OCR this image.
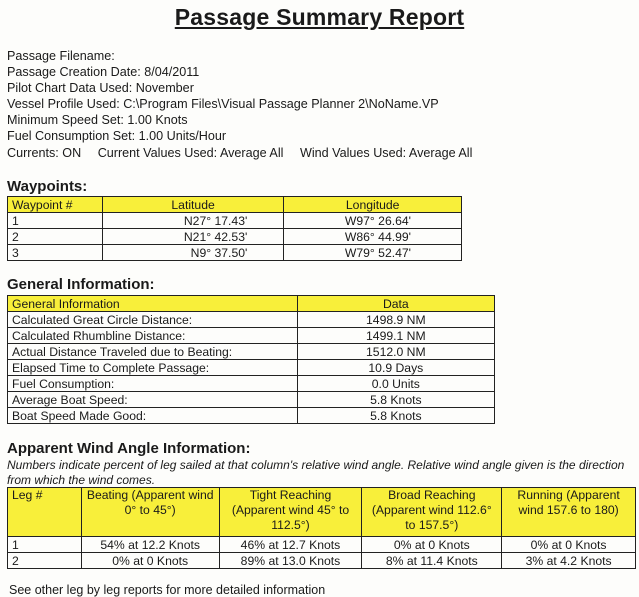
Passage Summary Report
Passage Filename:
Passage Creation Date: 8/04/2011
Pilot Chart Data Used: November
Vessel Profile Used: C:\Program Files\Visual Passage Planner 2\NoName.VP
Minimum Speed Set: 1.00 Knots
Fuel Consumption Set: 1.00 Units/Hour
Currents: ON Current Values Used: Average All Wind Values Used: Average All
Waypoints:
Waypoint #	Latitude	Longitude
1	N27° 17.43'	W97° 26.64'
2	N21° 42.53'	W86° 44.99'
3	N9° 37.50'	W79° 52.47'
General Information:
General Information	Data
Calculated Great Circle Distance:	1498.9 NM
Calculated Rhumbline Distance:	1499.1 NM
Actual Distance Traveled due to Beating:	1512.0 NM
Elapsed Time to Complete Passage:	10.9 Days
Fuel Consumption:	0.0 Units
Average Boat Speed:	5.8 Knots
Boat Speed Made Good:	5.8 Knots
Apparent Wind Angle Information:
Numbers indicate percent of leg sailed at that column's relative wind angle. Relative wind angle given is the direction from which the wind comes.
Leg #	Beating (Apparent wind 0° to 45°)	Tight Reaching (Apparent wind 45° to 112.5°)	Broad Reaching (Apparent wind 112.6° to 157.5°)	Running (Apparent wind 157.6 to 180)
1	54% at 12.2 Knots	46% at 12.7 Knots	0% at 0 Knots	0% at 0 Knots
2	0% at 0 Knots	89% at 13.0 Knots	8% at 11.4 Knots	3% at 4.2 Knots
See other leg by leg reports for more detailed information
